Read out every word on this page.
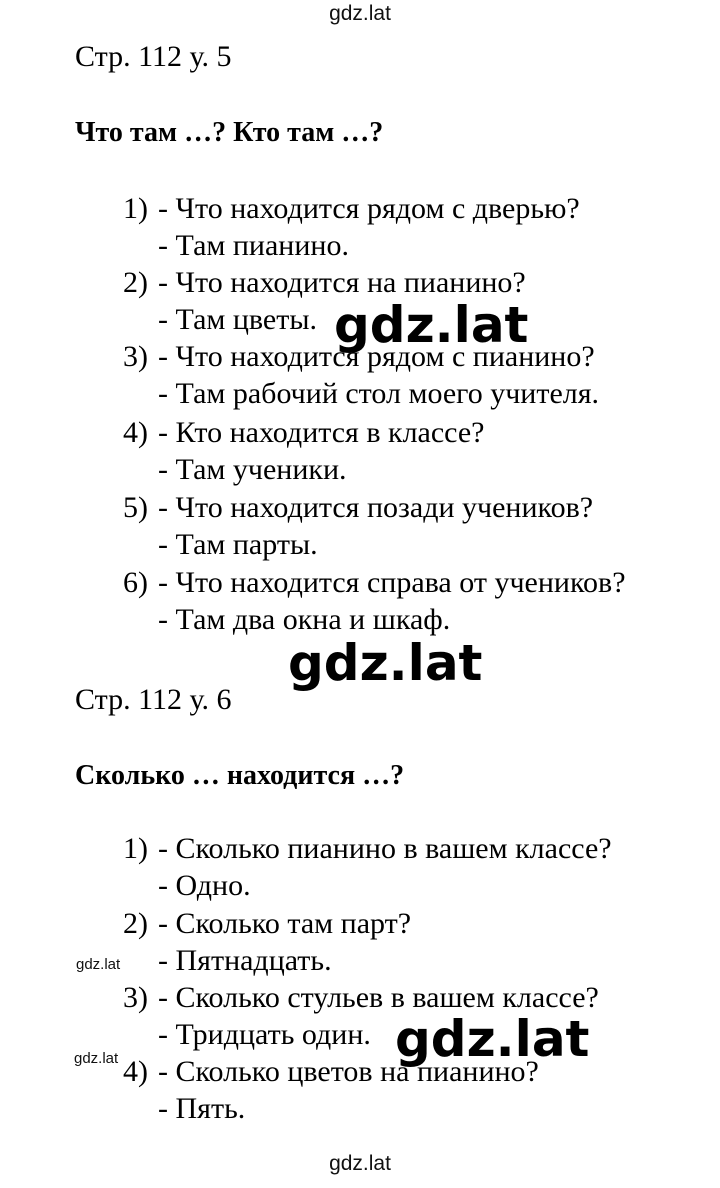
gdz.lat
Стр. 112 у. 5
Что там …? Кто там …?
1) - Что находится рядом с дверью?
- Там пианино.
2) - Что находится на пианино?
- Там цветы.
3) - Что находится рядом с пианино?
- Там рабочий стол моего учителя.
4) - Кто находится в классе?
- Там ученики.
5) - Что находится позади учеников?
- Там парты.
6) - Что находится справа от учеников?
- Там два окна и шкаф.
Стр. 112 у. 6
Сколько … находится …?
1) - Сколько пианино в вашем классе?
- Одно.
2) - Сколько там парт?
- Пятнадцать.
3) - Сколько стульев в вашем классе?
- Тридцать один.
4) - Сколько цветов на пианино?
- Пять.
gdz.lat
gdz.lat
gdz.lat
gdz.lat
gdz.lat
gdz.lat
